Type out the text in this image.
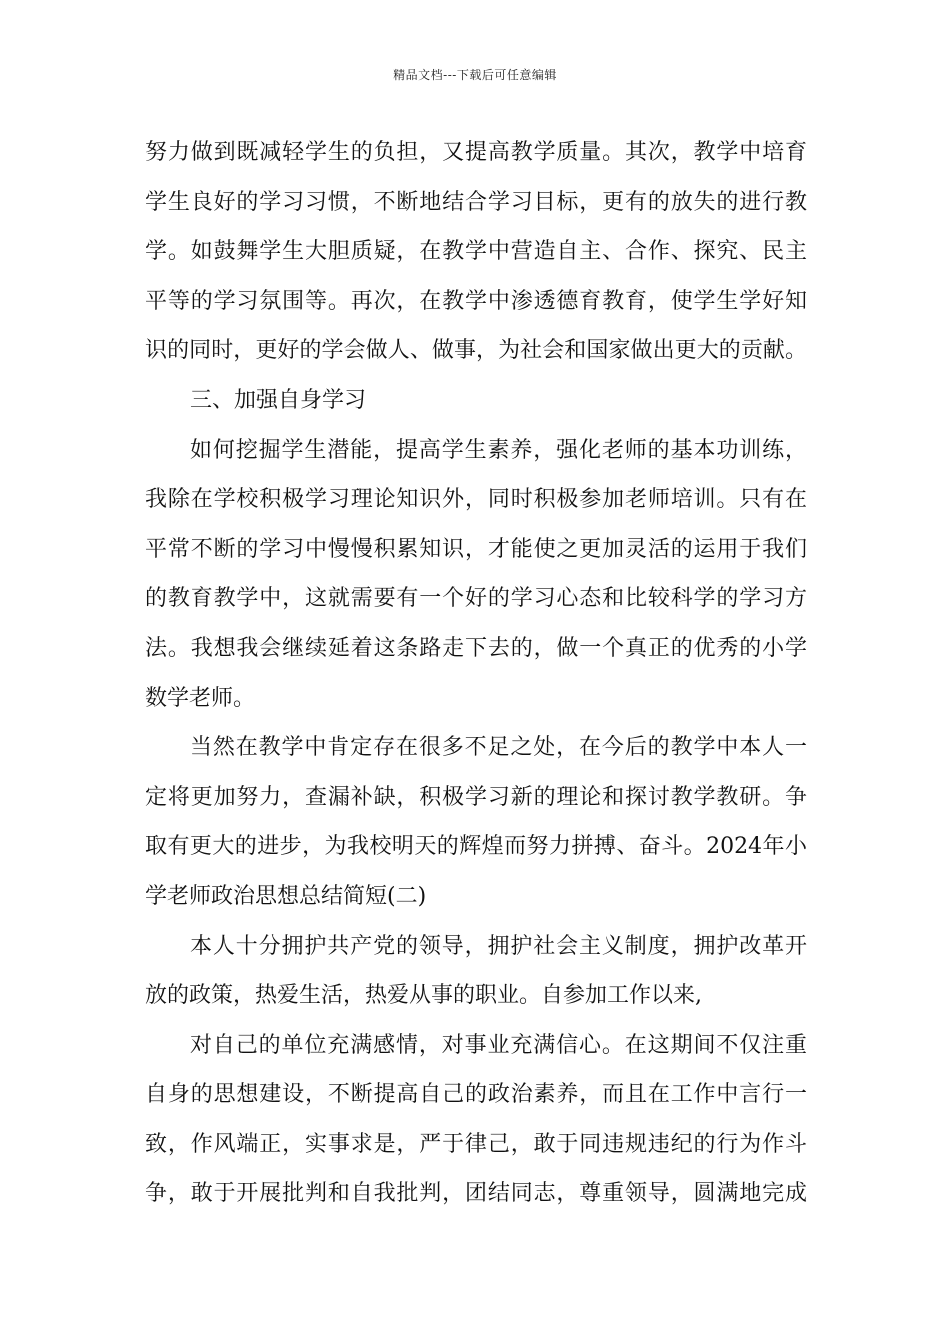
精品文档---下载后可任意编辑
努力做到既减轻学生的负担，又提高教学质量。其次，教学中培育
学生良好的学习习惯，不断地结合学习目标，更有的放失的进行教
学。如鼓舞学生大胆质疑，在教学中营造自主、合作、探究、民主
平等的学习氛围等。再次，在教学中渗透德育教育，使学生学好知
识的同时，更好的学会做人、做事，为社会和国家做出更大的贡献。
三、加强自身学习
如何挖掘学生潜能，提高学生素养，强化老师的基本功训练，
我除在学校积极学习理论知识外，同时积极参加老师培训。只有在
平常不断的学习中慢慢积累知识，才能使之更加灵活的运用于我们
的教育教学中，这就需要有一个好的学习心态和比较科学的学习方
法。我想我会继续延着这条路走下去的，做一个真正的优秀的小学
数学老师。
当然在教学中肯定存在很多不足之处，在今后的教学中本人一
定将更加努力，查漏补缺，积极学习新的理论和探讨教学教研。争
取有更大的进步，为我校明天的辉煌而努力拼搏、奋斗。2024年小
学老师政治思想总结简短(二)
本人十分拥护共产党的领导，拥护社会主义制度，拥护改革开
放的政策，热爱生活，热爱从事的职业。自参加工作以来,
对自己的单位充满感情，对事业充满信心。在这期间不仅注重
自身的思想建设，不断提高自己的政治素养，而且在工作中言行一
致，作风端正，实事求是，严于律己，敢于同违规违纪的行为作斗
争，敢于开展批判和自我批判，团结同志，尊重领导，圆满地完成
